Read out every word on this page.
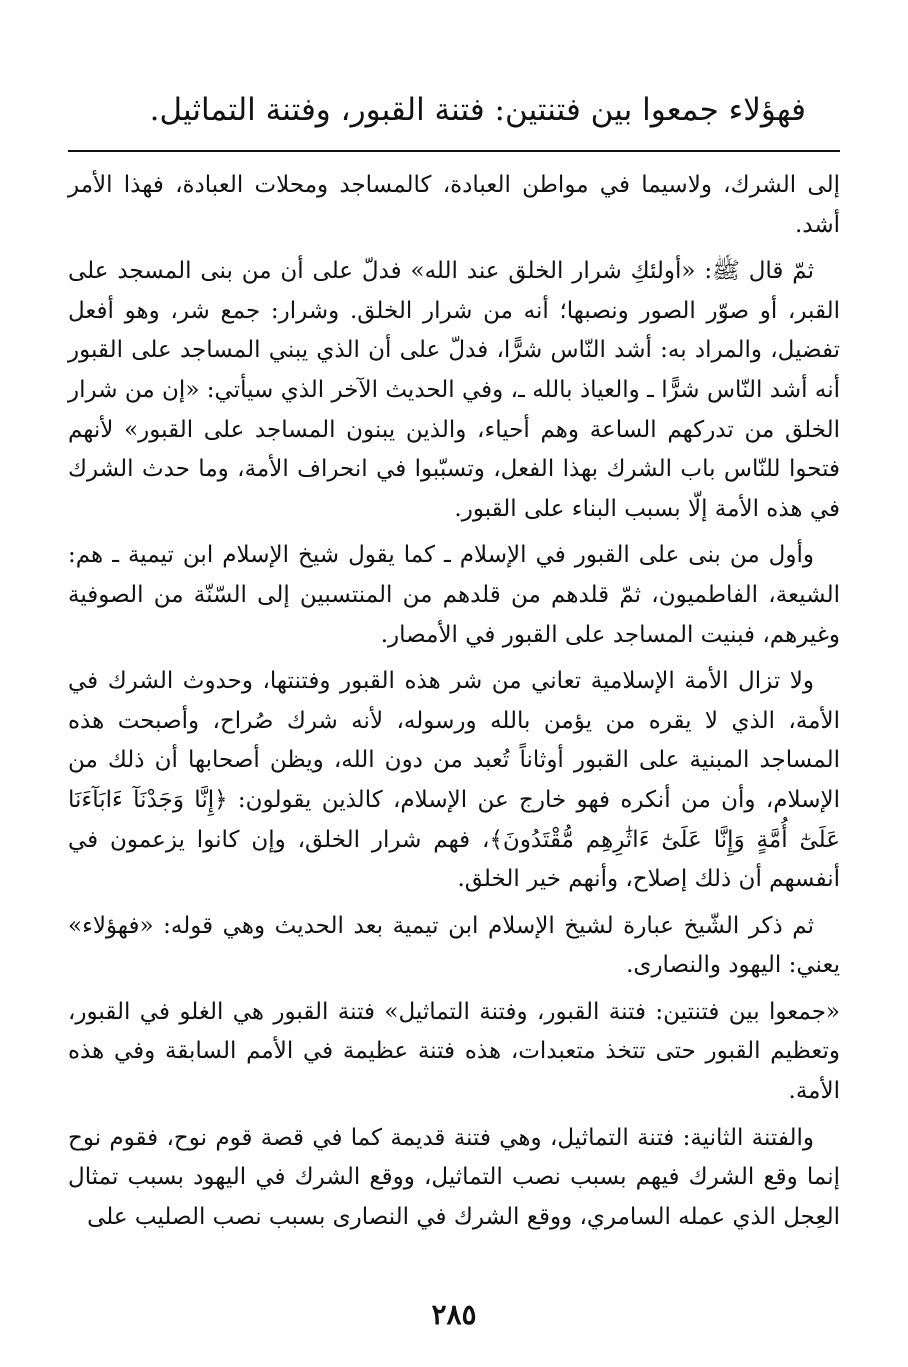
فهؤلاء جمعوا بين فتنتين: فتنة القبور، وفتنة التماثيل.

إلى الشرك، ولاسيما في مواطن العبادة، كالمساجد ومحلات العبادة، فهذا الأمر أشد.

ثمّ قال ﷺ: «أولئكِ شرار الخلق عند الله» فدلّ على أن من بنى المسجد على القبر، أو صوّر الصور ونصبها؛ أنه من شرار الخلق. وشرار: جمع شر، وهو أفعل تفضيل، والمراد به: أشد النّاس شرًّا، فدلّ على أن الذي يبني المساجد على القبور أنه أشد النّاس شرًّا ـ والعياذ بالله ـ، وفي الحديث الآخر الذي سيأتي: «إن من شرار الخلق من تدركهم الساعة وهم أحياء، والذين يبنون المساجد على القبور» لأنهم فتحوا للنّاس باب الشرك بهذا الفعل، وتسبّبوا في انحراف الأمة، وما حدث الشرك في هذه الأمة إلّا بسبب البناء على القبور.

وأول من بنى على القبور في الإسلام ـ كما يقول شيخ الإسلام ابن تيمية ـ هم: الشيعة، الفاطميون، ثمّ قلدهم من قلدهم من المنتسبين إلى السّنّة من الصوفية وغيرهم، فبنيت المساجد على القبور في الأمصار.

ولا تزال الأمة الإسلامية تعاني من شر هذه القبور وفتنتها، وحدوث الشرك في الأمة، الذي لا يقره من يؤمن بالله ورسوله، لأنه شرك صُراح، وأصبحت هذه المساجد المبنية على القبور أوثاناً تُعبد من دون الله، ويظن أصحابها أن ذلك من الإسلام، وأن من أنكره فهو خارج عن الإسلام، كالذين يقولون: ﴿إِنَّا وَجَدْنَآ ءَابَآءَنَا عَلَىٰٓ أُمَّةٍ وَإِنَّا عَلَىٰٓ ءَاثَٰرِهِم مُّقْتَدُونَ﴾، فهم شرار الخلق، وإن كانوا يزعمون في أنفسهم أن ذلك إصلاح، وأنهم خير الخلق.

ثم ذكر الشّيخ عبارة لشيخ الإسلام ابن تيمية بعد الحديث وهي قوله: «فهؤلاء» يعني: اليهود والنصارى.

«جمعوا بين فتنتين: فتنة القبور، وفتنة التماثيل» فتنة القبور هي الغلو في القبور، وتعظيم القبور حتى تتخذ متعبدات، هذه فتنة عظيمة في الأمم السابقة وفي هذه الأمة.

والفتنة الثانية: فتنة التماثيل، وهي فتنة قديمة كما في قصة قوم نوح، فقوم نوح إنما وقع الشرك فيهم بسبب نصب التماثيل، ووقع الشرك في اليهود بسبب تمثال العِجل الذي عمله السامري، ووقع الشرك في النصارى بسبب نصب الصليب على

٢٨٥
